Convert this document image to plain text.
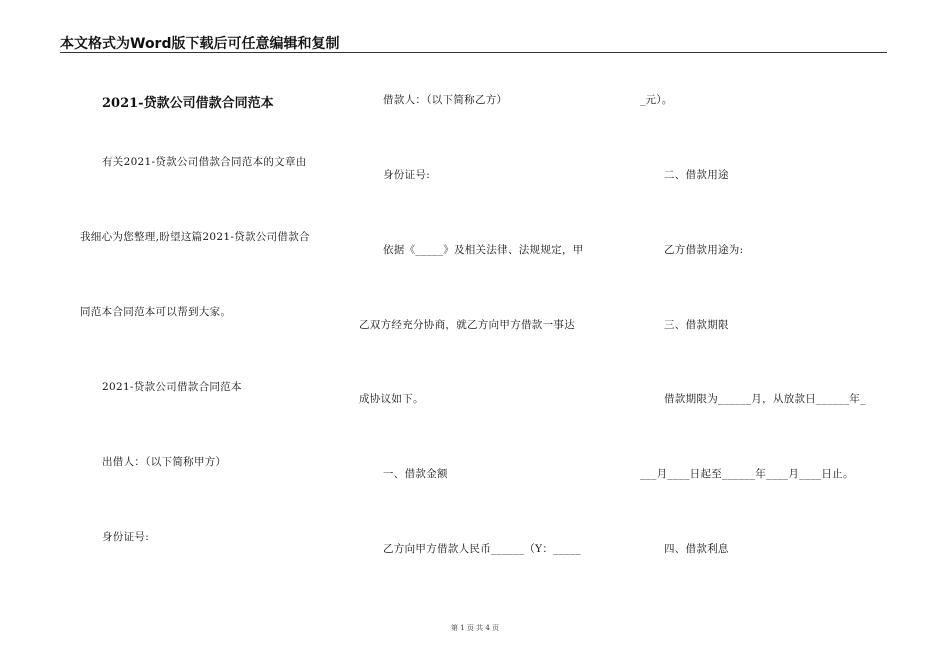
本文格式为Word版下载后可任意编辑和复制
2021-贷款公司借款合同范本
有关2021-贷款公司借款合同范本的文章由
我细心为您整理,盼望这篇2021-贷款公司借款合
同范本合同范本可以帮到大家。
2021-贷款公司借款合同范本
出借人：（以下简称甲方）
身份证号:
借款人：（以下简称乙方）
身份证号:
依据《_____》及相关法律、法规规定，甲
乙双方经充分协商，就乙方向甲方借款一事达
成协议如下。
一、借款金额
乙方向甲方借款人民币______（Y：_____
_元）。
二、借款用途
乙方借款用途为:
三、借款期限
借款期限为______月，从放款日______年_
___月____日起至______年____月____日止。
四、借款利息
第 1 页 共 4 页
